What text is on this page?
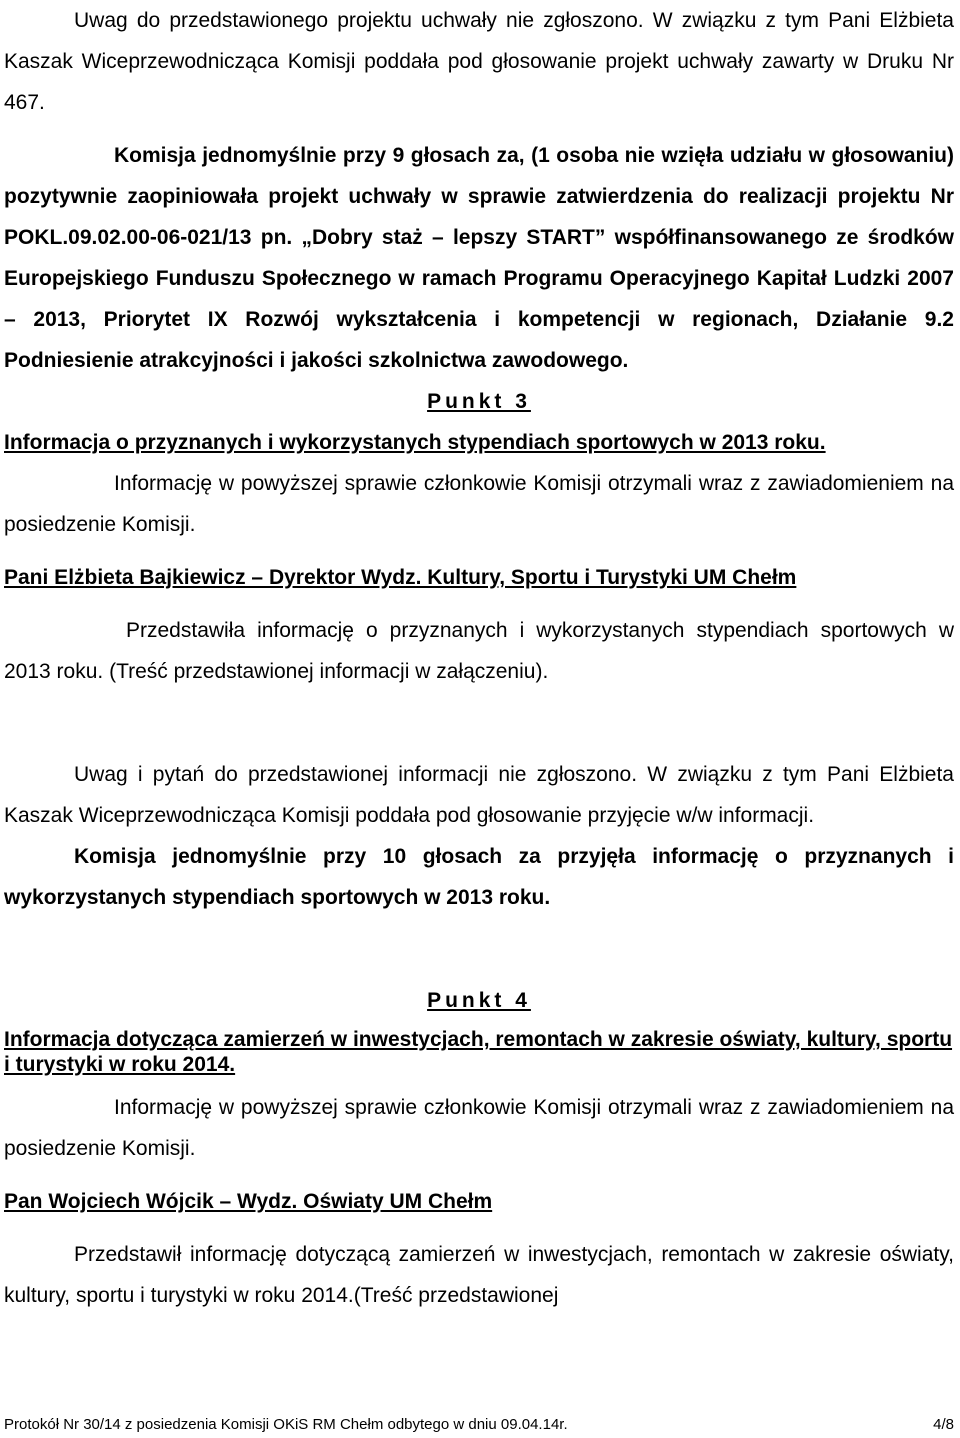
Uwag do przedstawionego projektu uchwały nie zgłoszono. W związku z tym Pani Elżbieta Kaszak Wiceprzewodnicząca Komisji poddała pod głosowanie projekt uchwały zawarty w Druku Nr 467.

Komisja jednomyślnie przy 9 głosach za, (1 osoba nie wzięła udziału w głosowaniu) pozytywnie zaopiniowała projekt uchwały w sprawie zatwierdzenia do realizacji projektu Nr POKL.09.02.00-06-021/13 pn. „Dobry staż – lepszy START” współfinansowanego ze środków Europejskiego Funduszu Społecznego w ramach Programu Operacyjnego Kapitał Ludzki 2007 – 2013, Priorytet IX Rozwój wykształcenia i kompetencji w regionach, Działanie 9.2 Podniesienie atrakcyjności i jakości szkolnictwa zawodowego.

Punkt 3

Informacja o przyznanych i wykorzystanych stypendiach sportowych w 2013 roku.

Informację w powyższej sprawie członkowie Komisji otrzymali wraz z zawiadomieniem na posiedzenie Komisji.

Pani Elżbieta Bajkiewicz – Dyrektor Wydz. Kultury, Sportu i Turystyki UM Chełm

Przedstawiła informację o przyznanych i wykorzystanych stypendiach sportowych w 2013 roku. (Treść przedstawionej informacji w załączeniu).

Uwag i pytań do przedstawionej informacji nie zgłoszono. W związku z tym Pani Elżbieta Kaszak Wiceprzewodnicząca Komisji poddała pod głosowanie przyjęcie w/w informacji.

Komisja jednomyślnie przy 10 głosach za przyjęła informację o przyznanych i wykorzystanych stypendiach sportowych w 2013 roku.

Punkt 4

Informacja dotycząca zamierzeń w inwestycjach, remontach w zakresie oświaty, kultury, sportu i turystyki w roku 2014.

Informację w powyższej sprawie członkowie Komisji otrzymali wraz z zawiadomieniem na posiedzenie Komisji.

Pan Wojciech Wójcik – Wydz. Oświaty UM Chełm

Przedstawił informację dotyczącą zamierzeń w inwestycjach, remontach w zakresie oświaty, kultury, sportu i turystyki w roku 2014.(Treść przedstawionej

Protokół Nr 30/14 z posiedzenia Komisji OKiS RM Chełm odbytego w dniu 09.04.14r.	4/8
